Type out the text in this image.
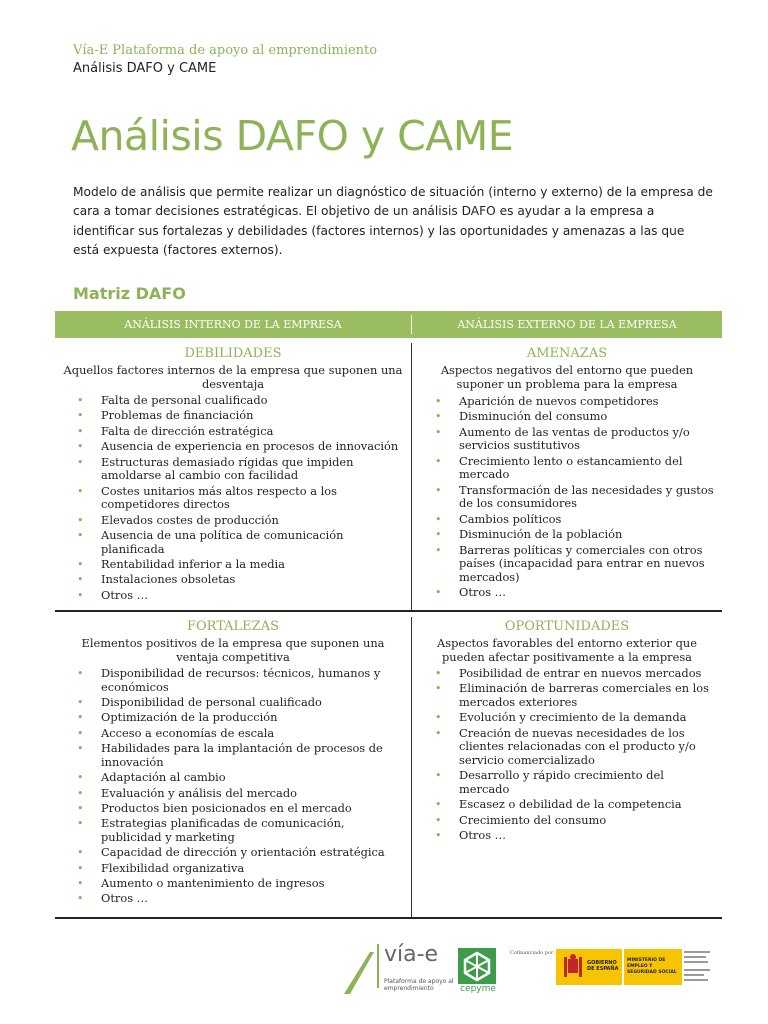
Vía-E Plataforma de apoyo al emprendimiento
Análisis DAFO y CAME
Análisis DAFO y CAME
Modelo de análisis que permite realizar un diagnóstico de situación (interno y externo) de la empresa de cara a tomar decisiones estratégicas. El objetivo de un análisis DAFO es ayudar a la empresa a identificar sus fortalezas y debilidades (factores internos) y las oportunidades y amenazas a las que está expuesta (factores externos).
Matriz DAFO
ANÁLISIS INTERNO DE LA EMPRESA	ANÁLISIS EXTERNO DE LA EMPRESA
DEBILIDADES
Aquellos factores internos de la empresa que suponen una desventaja
• Falta de personal cualificado
• Problemas de financiación
• Falta de dirección estratégica
• Ausencia de experiencia en procesos de innovación
• Estructuras demasiado rígidas que impiden amoldarse al cambio con facilidad
• Costes unitarios más altos respecto a los competidores directos
• Elevados costes de producción
• Ausencia de una política de comunicación planificada
• Rentabilidad inferior a la media
• Instalaciones obsoletas
• Otros …
AMENAZAS
Aspectos negativos del entorno que pueden suponer un problema para la empresa
• Aparición de nuevos competidores
• Disminución del consumo
• Aumento de las ventas de productos y/o servicios sustitutivos
• Crecimiento lento o estancamiento del mercado
• Transformación de las necesidades y gustos de los consumidores
• Cambios políticos
• Disminución de la población
• Barreras políticas y comerciales con otros países (incapacidad para entrar en nuevos mercados)
• Otros …
FORTALEZAS
Elementos positivos de la empresa que suponen una ventaja competitiva
• Disponibilidad de recursos: técnicos, humanos y económicos
• Disponibilidad de personal cualificado
• Optimización de la producción
• Acceso a economías de escala
• Habilidades para la implantación de procesos de innovación
• Adaptación al cambio
• Evaluación y análisis del mercado
• Productos bien posicionados en el mercado
• Estrategias planificadas de comunicación, publicidad y marketing
• Capacidad de dirección y orientación estratégica
• Flexibilidad organizativa
• Aumento o mantenimiento de ingresos
• Otros …
OPORTUNIDADES
Aspectos favorables del entorno exterior que pueden afectar positivamente a la empresa
• Posibilidad de entrar en nuevos mercados
• Eliminación de barreras comerciales en los mercados exteriores
• Evolución y crecimiento de la demanda
• Creación de nuevas necesidades de los clientes relacionadas con el producto y/o servicio comercializado
• Desarrollo y rápido crecimiento del mercado
• Escasez o debilidad de la competencia
• Crecimiento del consumo
• Otros …
vía-e
Plataforma de apoyo al emprendimiento	cepyme
Cofinanciado por
GOBIERNO DE ESPAÑA
MINISTERIO DE EMPLEO Y SEGURIDAD SOCIAL
